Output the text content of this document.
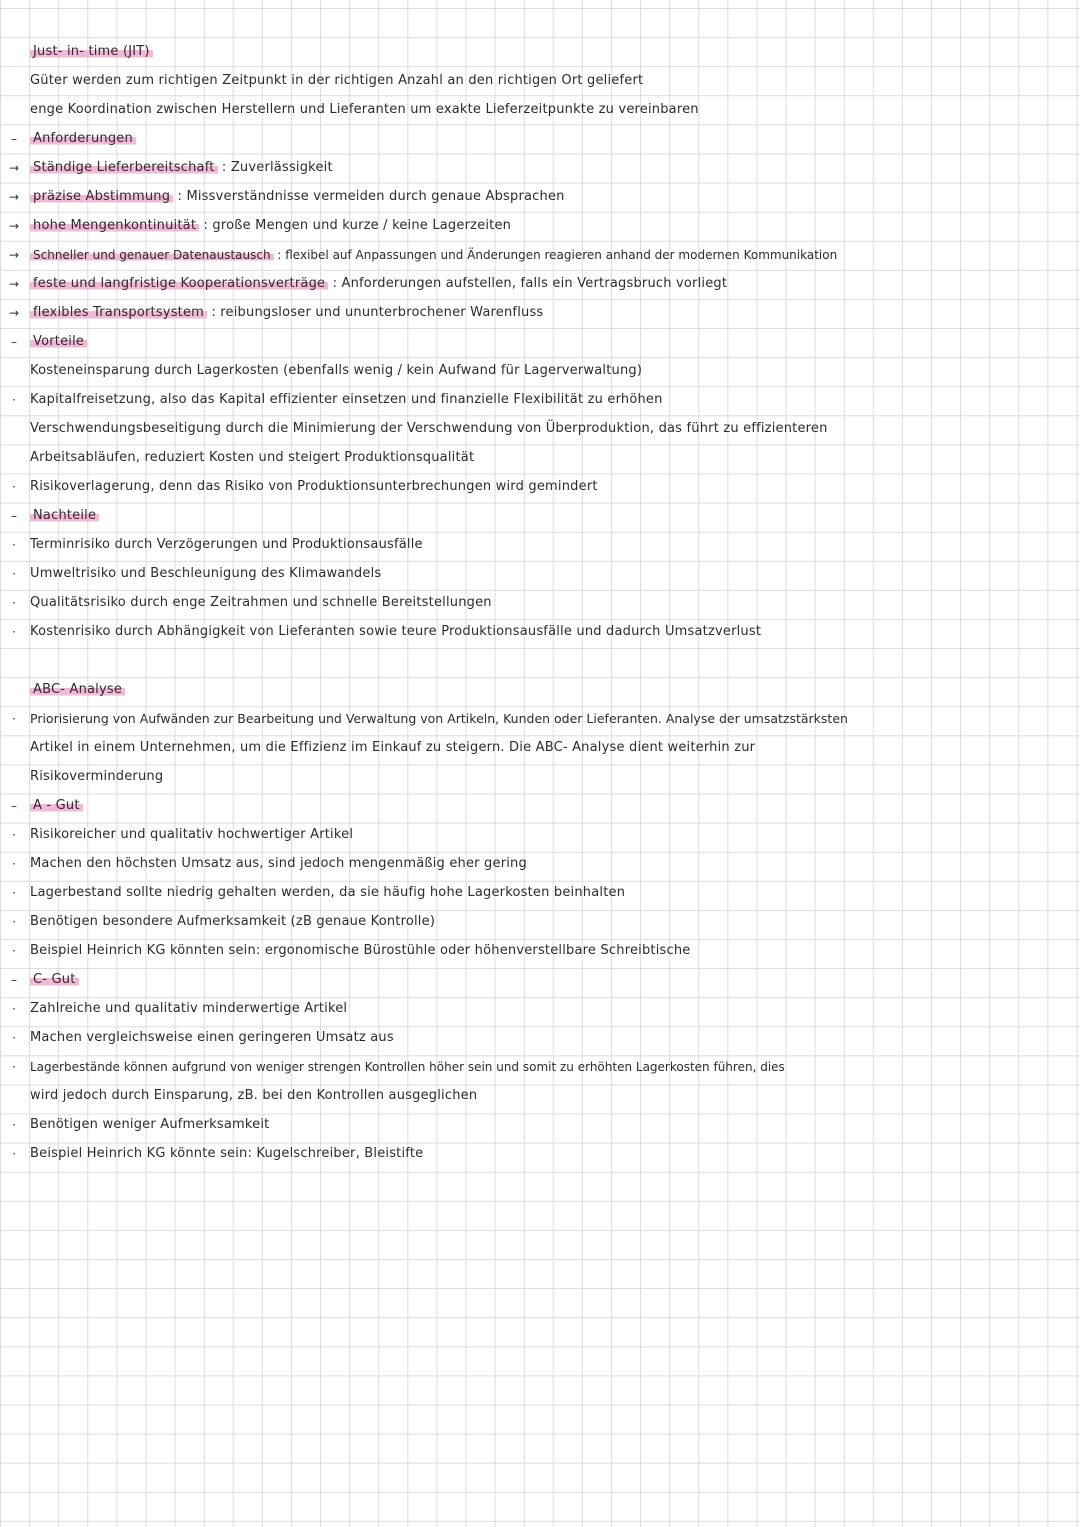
Just- in- time (JIT)
Güter werden zum richtigen Zeitpunkt in der richtigen Anzahl an den richtigen Ort geliefert
enge Koordination zwischen Herstellern und Lieferanten um exakte Lieferzeitpunkte zu vereinbaren
–	Anforderungen
→ Ständige Lieferbereitschaft : Zuverlässigkeit
→ präzise Abstimmung : Missverständnisse vermeiden durch genaue Absprachen
→ hohe Mengenkontinuität : große Mengen und kurze / keine Lagerzeiten
→ Schneller und genauer Datenaustausch : flexibel auf Anpassungen und Änderungen reagieren anhand der modernen Kommunikation
→ feste und langfristige Kooperationsverträge : Anforderungen aufstellen, falls ein Vertragsbruch vorliegt
→ flexibles Transportsystem : reibungsloser und ununterbrochener Warenfluss
–	Vorteile
Kosteneinsparung durch Lagerkosten (ebenfalls wenig / kein Aufwand für Lagerverwaltung)
·	Kapitalfreisetzung, also das Kapital effizienter einsetzen und finanzielle Flexibilität zu erhöhen
Verschwendungsbeseitigung durch die Minimierung der Verschwendung von Überproduktion, das führt zu effizienteren
Arbeitsabläufen, reduziert Kosten und steigert Produktionsqualität
·	Risikoverlagerung, denn das Risiko von Produktionsunterbrechungen wird gemindert
–	Nachteile
·	Terminrisiko durch Verzögerungen und Produktionsausfälle
·	Umweltrisiko und Beschleunigung des Klimawandels
·	Qualitätsrisiko durch enge Zeitrahmen und schnelle Bereitstellungen
·	Kostenrisiko durch Abhängigkeit von Lieferanten sowie teure Produktionsausfälle und dadurch Umsatzverlust
ABC- Analyse
·	Priorisierung von Aufwänden zur Bearbeitung und Verwaltung von Artikeln, Kunden oder Lieferanten. Analyse der umsatzstärksten
Artikel in einem Unternehmen, um die Effizienz im Einkauf zu steigern. Die ABC- Analyse dient weiterhin zur
Risikoverminderung
–	A - Gut
·	Risikoreicher und qualitativ hochwertiger Artikel
·	Machen den höchsten Umsatz aus, sind jedoch mengenmäßig eher gering
·	Lagerbestand sollte niedrig gehalten werden, da sie häufig hohe Lagerkosten beinhalten
·	Benötigen besondere Aufmerksamkeit (zB genaue Kontrolle)
·	Beispiel Heinrich KG könnten sein: ergonomische Bürostühle oder höhenverstellbare Schreibtische
–	C- Gut
·	Zahlreiche und qualitativ minderwertige Artikel
·	Machen vergleichsweise einen geringeren Umsatz aus
·	Lagerbestände können aufgrund von weniger strengen Kontrollen höher sein und somit zu erhöhten Lagerkosten führen, dies
wird jedoch durch Einsparung, zB. bei den Kontrollen ausgeglichen
·	Benötigen weniger Aufmerksamkeit
·	Beispiel Heinrich KG könnte sein: Kugelschreiber, Bleistifte
